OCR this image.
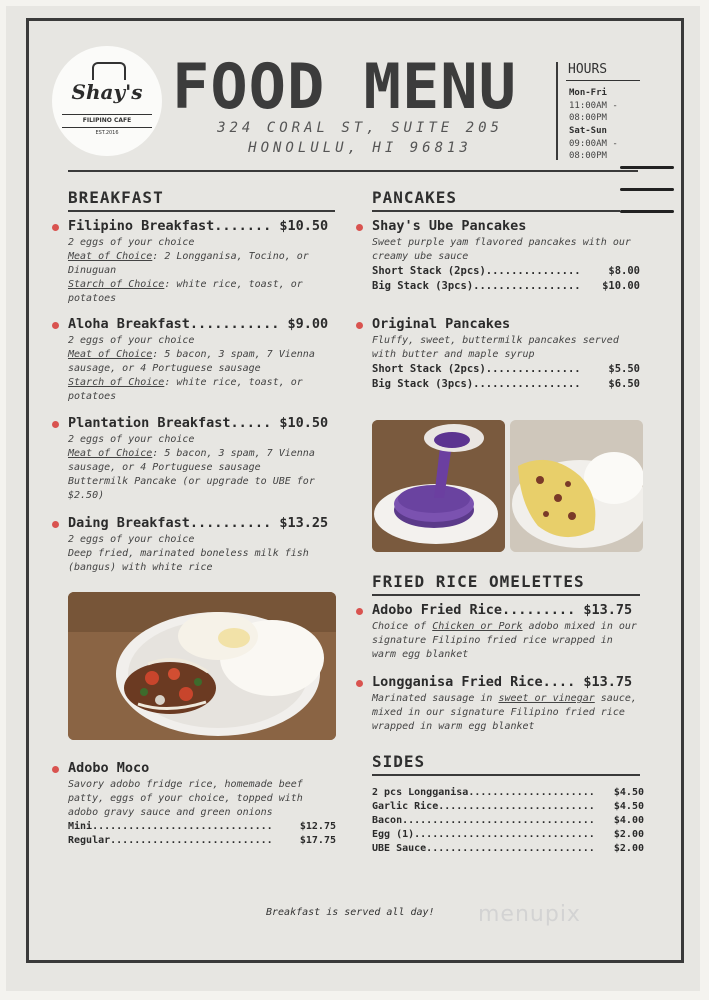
Shay's
FILIPINO CAFE
EST.2016
FOOD MENU
324 CORAL ST, SUITE 205
HONOLULU, HI 96813
HOURS
Mon-Fri
11:00AM -
08:00PM
Sat-Sun
09:00AM -
08:00PM
BREAKFAST
Filipino Breakfast....... $10.50
2 eggs of your choice
Meat of Choice: 2 Longganisa, Tocino, or Dinuguan
Starch of Choice: white rice, toast, or potatoes
Aloha Breakfast........... $9.00
2 eggs of your choice
Meat of Choice: 5 bacon, 3 spam, 7 Vienna sausage, or 4 Portuguese sausage
Starch of Choice: white rice, toast, or potatoes
Plantation Breakfast..... $10.50
2 eggs of your choice
Meat of Choice: 5 bacon, 3 spam, 7 Vienna sausage, or 4 Portuguese sausage
Buttermilk Pancake (or upgrade to UBE for $2.50)
Daing Breakfast.......... $13.25
2 eggs of your choice
Deep fried, marinated boneless milk fish (bangus) with white rice
Adobo Moco
Savory adobo fridge rice, homemade beef patty, eggs of your choice, topped with adobo gravy sauce and green onions
Mini..............................	$12.75
Regular...........................	$17.75
PANCAKES
Shay's Ube Pancakes
Sweet purple yam flavored pancakes with our creamy ube sauce
Short Stack (2pcs)...............	$8.00
Big Stack (3pcs)................. $10.00
Original Pancakes
Fluffy, sweet, buttermilk pancakes served with butter and maple syrup
Short Stack (2pcs)...............	$5.50
Big Stack (3pcs).................	$6.50
FRIED RICE OMELETTES
Adobo Fried Rice......... $13.75
Choice of Chicken or Pork adobo mixed in our signature Filipino fried rice wrapped in warm egg blanket
Longganisa Fried Rice.... $13.75
Marinated sausage in sweet or vinegar sauce, mixed in our signature Filipino fried rice wrapped in warm egg blanket
SIDES
2 pcs Longganisa..................... $4.50
Garlic Rice.......................... $4.50
Bacon................................ $4.00
Egg (1).............................. $2.00
UBE Sauce............................ $2.00
Breakfast is served all day! menupix
